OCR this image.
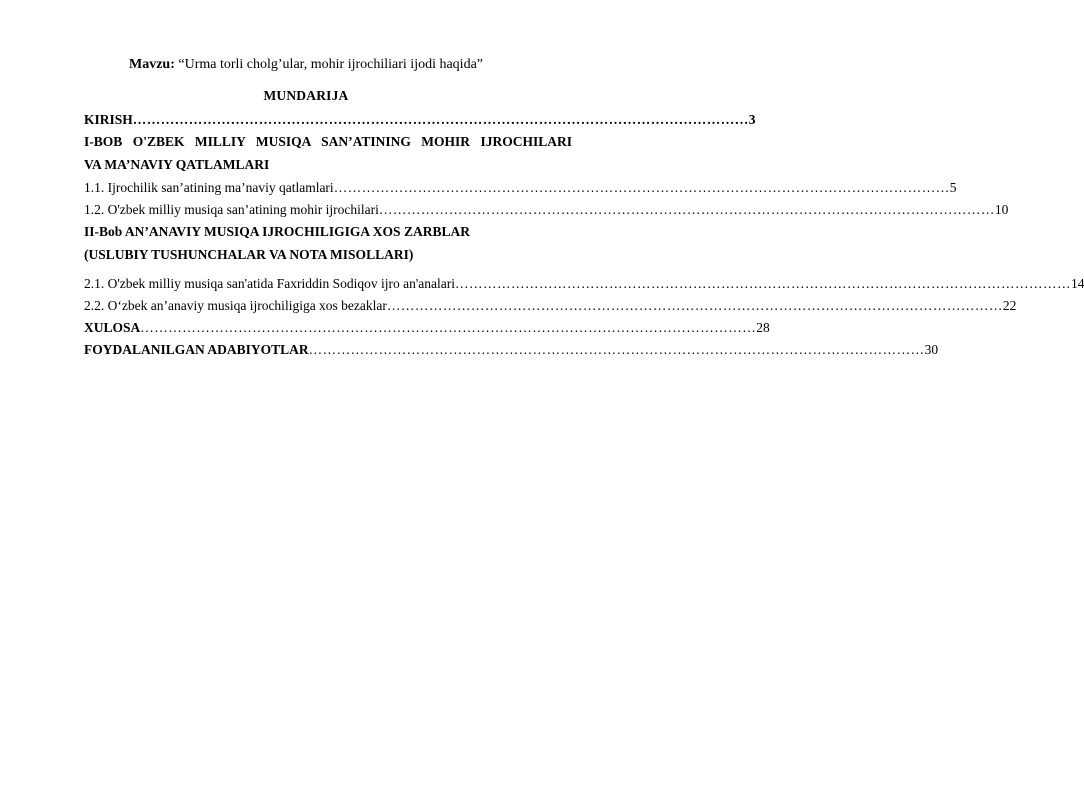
Mavzu: “Urma torli cholg’ular, mohir ijrochiliari ijodi haqida”
MUNDARIJA
KIRISH …………………………………………………………………………………………………………………… 3
I-BOB O'ZBEK MILLIY MUSIQA SAN’ATINING MOHIR IJROCHILARI
VA MA’NAVIY QATLAMLARI
1.1. Ijrochilik san’atining ma’naviy qatlamlari …………………………………………………………………………………………………………………… 5
1.2. O'zbek milliy musiqa san’atining mohir ijrochilari …………………………………………………………………………………………………………………… 10
II-Bob AN’ANAVIY MUSIQA IJROCHILIGIGA XOS ZARBLAR
(USLUBIY TUSHUNCHALAR VA NOTA MISOLLARI)
2.1. O'zbek milliy musiqa san'atida Faxriddin Sodiqov ijro an'analari …………………………………………………………………………………………………………………… 14
2.2. O‘zbek an’anaviy musiqa ijrochiligiga xos bezaklar …………………………………………………………………………………………………………………… 22
XULOSA …………………………………………………………………………………………………………………… 28
FOYDALANILGAN ADABIYOTLAR …………………………………………………………………………………………………………………… 30
